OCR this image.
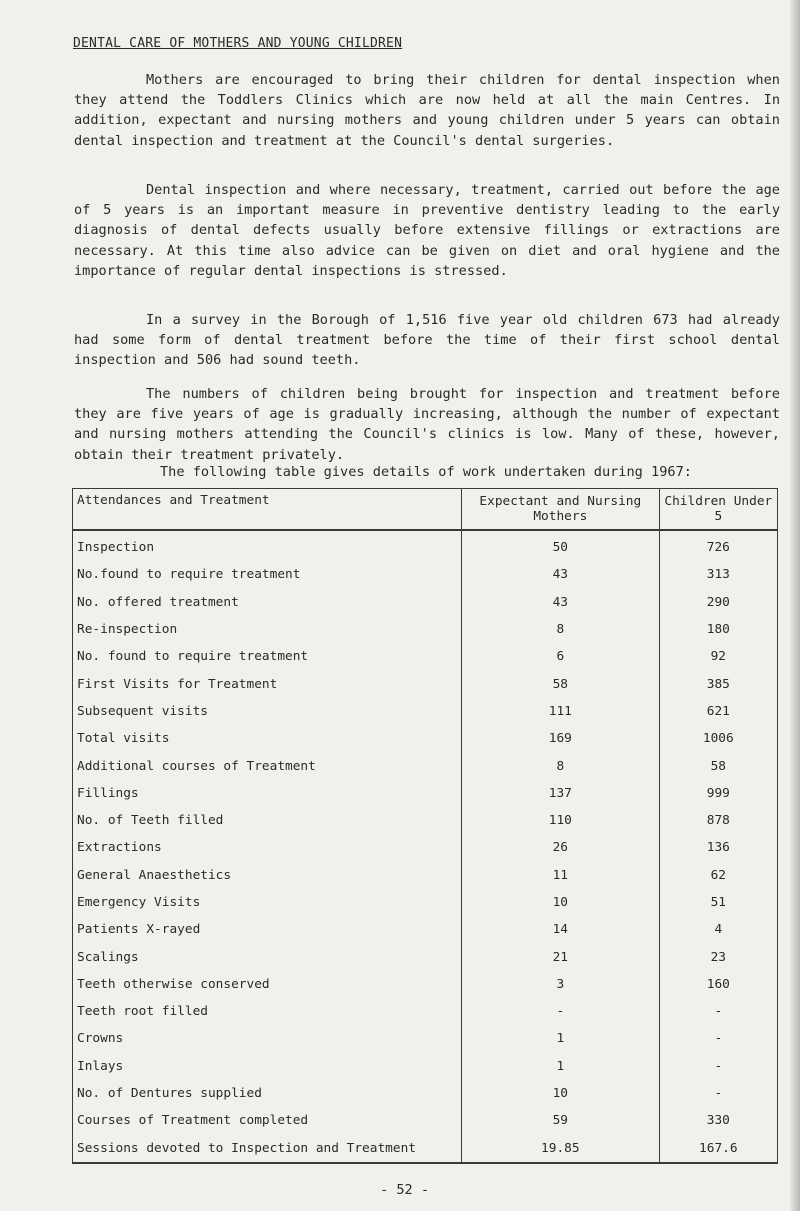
DENTAL CARE OF MOTHERS AND YOUNG CHILDREN

Mothers are encouraged to bring their children for dental inspection when they attend the Toddlers Clinics which are now held at all the main Centres. In addition, expectant and nursing mothers and young children under 5 years can obtain dental inspection and treatment at the Council's dental surgeries.

Dental inspection and where necessary, treatment, carried out before the age of 5 years is an important measure in preventive dentistry leading to the early diagnosis of dental defects usually before extensive fillings or extractions are necessary. At this time also advice can be given on diet and oral hygiene and the importance of regular dental inspections is stressed.

In a survey in the Borough of 1,516 five year old children 673 had already had some form of dental treatment before the time of their first school dental inspection and 506 had sound teeth.

The numbers of children being brought for inspection and treatment before they are five years of age is gradually increasing, although the number of expectant and nursing mothers attending the Council's clinics is low. Many of these, however, obtain their treatment privately.

The following table gives details of work undertaken during 1967:
Attendances and Treatment	Expectant and Nursing Mothers	Children Under 5
Inspection	50	726
No.found to require treatment	43	313
No. offered treatment	43	290
Re-inspection	8	180
No. found to require treatment	6	92
First Visits for Treatment	58	385
Subsequent visits	111	621
Total visits	169	1006
Additional courses of Treatment	8	58
Fillings	137	999
No. of Teeth filled	110	878
Extractions	26	136
General Anaesthetics	11	62
Emergency Visits	10	51
Patients X-rayed	14	4
Scalings	21	23
Teeth otherwise conserved	3	160
Teeth root filled	-	-
Crowns	1	-
Inlays	1	-
No. of Dentures supplied	10	-
Courses of Treatment completed	59	330
Sessions devoted to Inspection and Treatment	19.85	167.6
- 52 -
